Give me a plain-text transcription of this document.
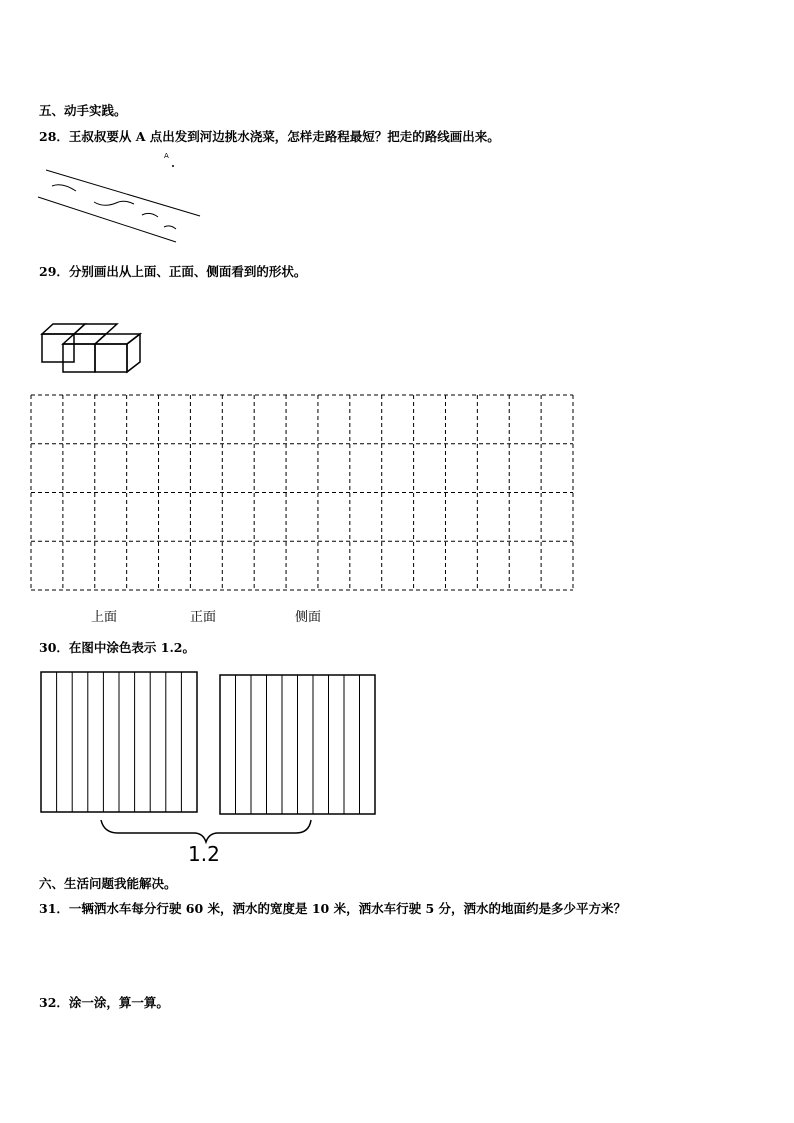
五、动手实践。
28．王叔叔要从 A 点出发到河边挑水浇菜，怎样走路程最短？把走的路线画出来。
A
29．分别画出从上面、正面、侧面看到的形状。
上面	正面	侧面
30．在图中涂色表示 1.2。
1.2
六、生活问题我能解决。
31．一辆洒水车每分行驶 60 米，洒水的宽度是 10 米，洒水车行驶 5 分，洒水的地面约是多少平方米？
32．涂一涂，算一算。
